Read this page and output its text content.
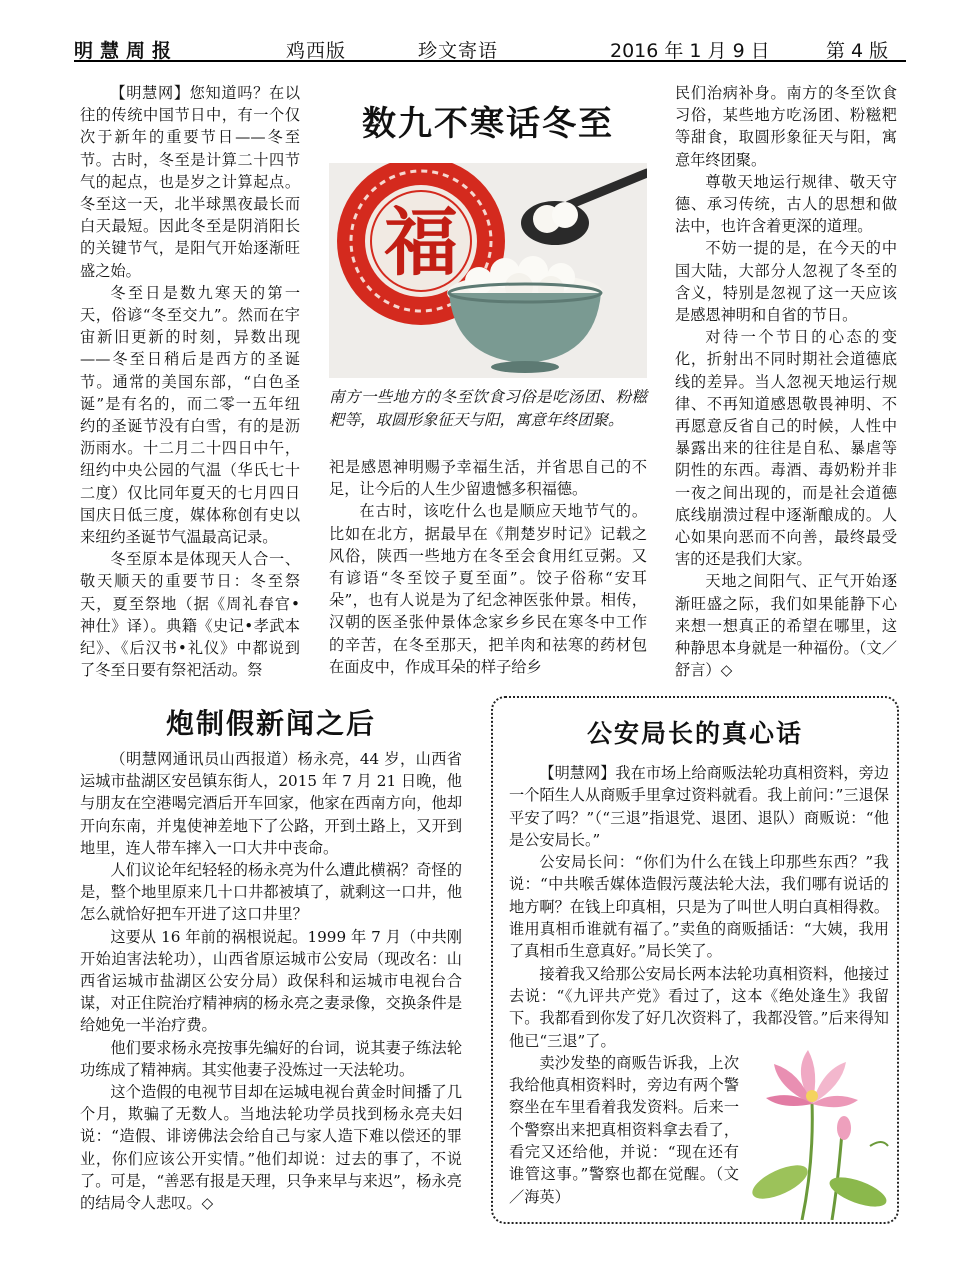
明慧周报	鸡西版	珍文寄语	2016 年 1 月 9 日	第 4 版
数九不寒话冬至
福
南方一些地方的冬至饮食习俗是吃汤团、粉糍粑等，取圆形象征天与阳，寓意年终团聚。

【明慧网】您知道吗？在以往的传统中国节日中，有一个仅次于新年的重要节日——冬至节。古时，冬至是计算二十四节气的起点，也是岁之计算起点。冬至这一天，北半球黑夜最长而白天最短。因此冬至是阴消阳长的关键节气，是阳气开始逐渐旺盛之始。

冬至日是数九寒天的第一天，俗谚“冬至交九”。然而在宇宙新旧更新的时刻，异数出现——冬至日稍后是西方的圣诞节。通常的美国东部，“白色圣诞”是有名的，而二零一五年纽约的圣诞节没有白雪，有的是沥沥雨水。十二月二十四日中午，纽约中央公园的气温（华氏七十二度）仅比同年夏天的七月四日国庆日低三度，媒体称创有史以来纽约圣诞节气温最高记录。

冬至原本是体现天人合一、敬天顺天的重要节日：冬至祭天，夏至祭地（据《周礼春官•神仕》译）。典籍《史记•孝武本纪》、《后汉书•礼仪》中都说到了冬至日要有祭祀活动。祭

祀是感恩神明赐予幸福生活，并省思自己的不足，让今后的人生少留遗憾多积福德。

在古时，该吃什么也是顺应天地节气的。比如在北方，据最早在《荆楚岁时记》记载之风俗，陕西一些地方在冬至会食用红豆粥。又有谚语“冬至饺子夏至面”。饺子俗称“安耳朵”，也有人说是为了纪念神医张仲景。相传，汉朝的医圣张仲景体念家乡乡民在寒冬中工作的辛苦，在冬至那天，把羊肉和祛寒的药材包在面皮中，作成耳朵的样子给乡

民们治病补身。南方的冬至饮食习俗，某些地方吃汤团、粉糍粑等甜食，取圆形象征天与阳，寓意年终团聚。

尊敬天地运行规律、敬天守德、承习传统，古人的思想和做法中，也许含着更深的道理。

不妨一提的是，在今天的中国大陆，大部分人忽视了冬至的含义，特别是忽视了这一天应该是感恩神明和自省的节日。

对待一个节日的心态的变化，折射出不同时期社会道德底线的差异。当人忽视天地运行规律、不再知道感恩敬畏神明、不再愿意反省自己的时候，人性中暴露出来的往往是自私、暴虐等阴性的东西。毒酒、毒奶粉并非一夜之间出现的，而是社会道德底线崩溃过程中逐渐酿成的。人心如果向恶而不向善，最终最受害的还是我们大家。

天地之间阳气、正气开始逐渐旺盛之际，我们如果能静下心来想一想真正的希望在哪里，这种静思本身就是一种福份。（文／舒言）◇

炮制假新闻之后

（明慧网通讯员山西报道）杨永亮，44 岁，山西省运城市盐湖区安邑镇东街人，2015 年 7 月 21 日晚，他与朋友在空港喝完酒后开车回家，他家在西南方向，他却开向东南，并鬼使神差地下了公路，开到土路上，又开到地里，连人带车摔入一口大井中丧命。

人们议论年纪轻轻的杨永亮为什么遭此横祸？奇怪的是，整个地里原来几十口井都被填了，就剩这一口井，他怎么就恰好把车开进了这口井里？

这要从 16 年前的祸根说起。1999 年 7 月（中共刚开始迫害法轮功），山西省原运城市公安局（现改名：山西省运城市盐湖区公安分局）政保科和运城市电视台合谋，对正住院治疗精神病的杨永亮之妻录像，交换条件是给她免一半治疗费。

他们要求杨永亮按事先编好的台词，说其妻子练法轮功练成了精神病。其实他妻子没炼过一天法轮功。

这个造假的电视节目却在运城电视台黄金时间播了几个月，欺骗了无数人。当地法轮功学员找到杨永亮夫妇说：“造假、诽谤佛法会给自己与家人造下难以偿还的罪业，你们应该公开实情。”他们却说：过去的事了，不说了。可是，“善恶有报是天理，只争来早与来迟”，杨永亮的结局令人悲叹。◇

公安局长的真心话

【明慧网】我在市场上给商贩法轮功真相资料，旁边一个陌生人从商贩手里拿过资料就看。我上前问：”三退保平安了吗？”（“三退”指退党、退团、退队）商贩说：“他是公安局长。”

公安局长问：“你们为什么在钱上印那些东西？”我说：“中共喉舌媒体造假污蔑法轮大法，我们哪有说话的地方啊？在钱上印真相，只是为了叫世人明白真相得救。谁用真相币谁就有福了。”卖鱼的商贩插话：“大姨，我用了真相币生意真好。”局长笑了。

接着我又给那公安局长两本法轮功真相资料，他接过去说：“《九评共产党》看过了，这本《绝处逢生》我留下。我都看到你发了好几次资料了，我都没管。”后来得知他已“三退”了。

卖沙发垫的商贩告诉我，上次我给他真相资料时，旁边有两个警察坐在车里看着我发资料。后来一个警察出来把真相资料拿去看了，看完又还给他，并说：“现在还有谁管这事。”警察也都在觉醒。（文／海英）
